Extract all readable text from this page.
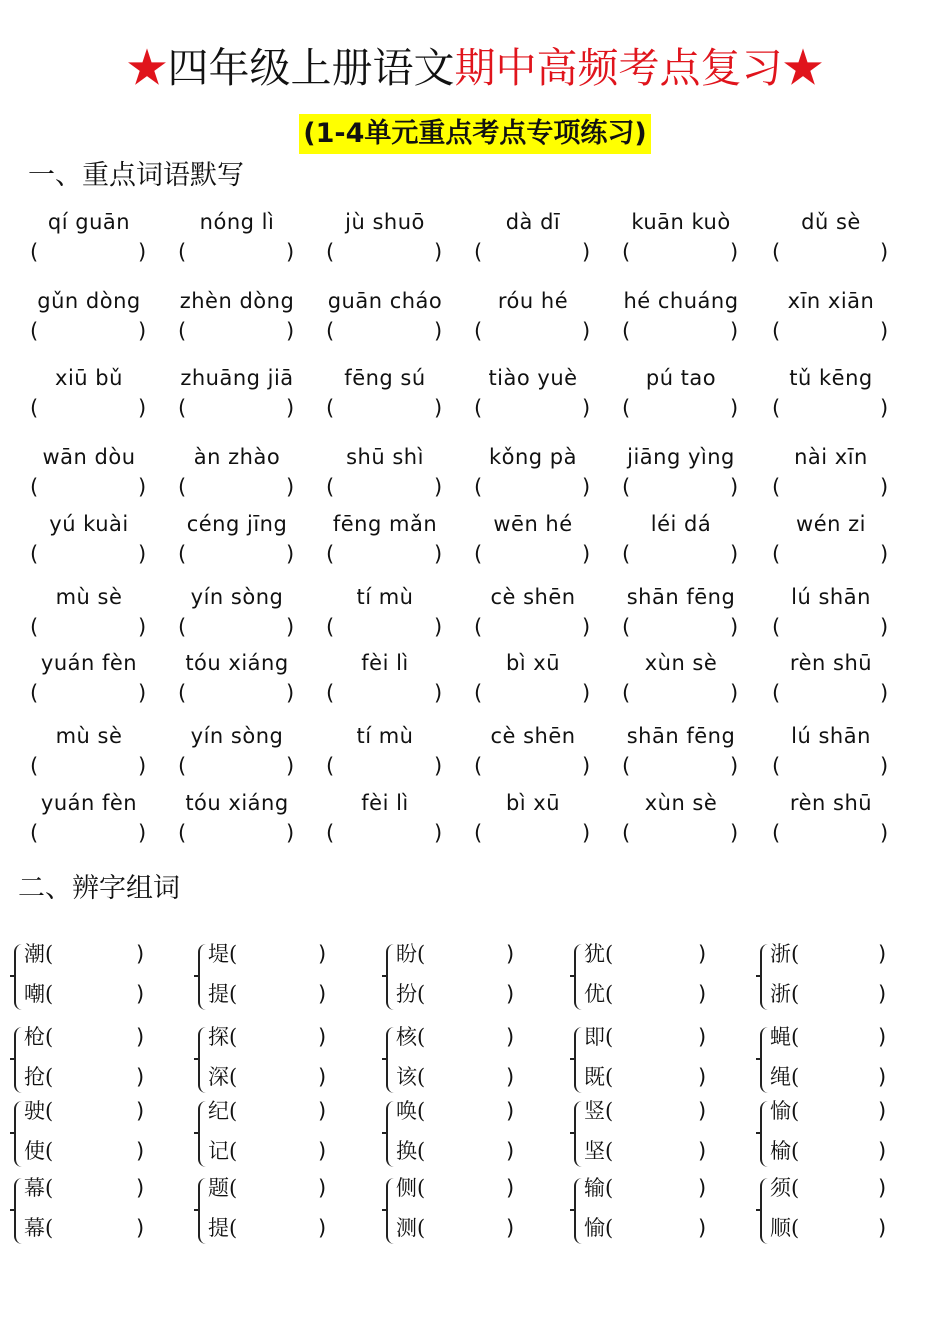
★四年级上册语文期中高频考点复习★
(1-4单元重点考点专项练习)
一、重点词语默写
qí guān
(	)
nóng lì
(	)
jù shuō
(	)
dà dī
(	)
kuān kuò
(	)
dǔ sè
(	)
gǔn dòng
(	)
zhèn dòng
(	)
guān cháo
(	)
róu hé
(	)
hé chuáng
(	)
xīn xiān
(	)
xiū bǔ
(	)
zhuāng jiā
(	)
fēng sú
(	)
tiào yuè
(	)
pú tao
(	)
tǔ kēng
(	)
wān dòu
(	)
àn zhào
(	)
shū shì
(	)
kǒng pà
(	)
jiāng yìng
(	)
nài xīn
(	)
yú kuài
(	)
céng jīng
(	)
fēng mǎn
(	)
wēn hé
(	)
léi dá
(	)
wén zi
(	)
mù sè
(	)
yín sòng
(	)
tí mù
(	)
cè shēn
(	)
shān fēng
(	)
lú shān
(	)
yuán fèn
(	)
tóu xiáng
(	)
fèi lì
(	)
bì xū
(	)
xùn sè
(	)
rèn shū
(	)
mù sè
(	)
yín sòng
(	)
tí mù
(	)
cè shēn
(	)
shān fēng
(	)
lú shān
(	)
yuán fèn
(	)
tóu xiáng
(	)
fèi lì
(	)
bì xū
(	)
xùn sè
(	)
rèn shū
(	)
二、辨字组词
潮(	)
嘲(	)
堤(	)
提(	)
盼(	)
扮(	)
犹(	)
优(	)
浙(	)
浙(	)
枪(	)
抢(	)
探(	)
深(	)
核(	)
该(	)
即(	)
既(	)
蝇(	)
绳(	)
驶(	)
使(	)
纪(	)
记(	)
唤(	)
换(	)
竖(	)
坚(	)
愉(	)
榆(	)
幕(	)
幕(	)
题(	)
提(	)
侧(	)
测(	)
输(	)
愉(	)
须(	)
顺(	)
